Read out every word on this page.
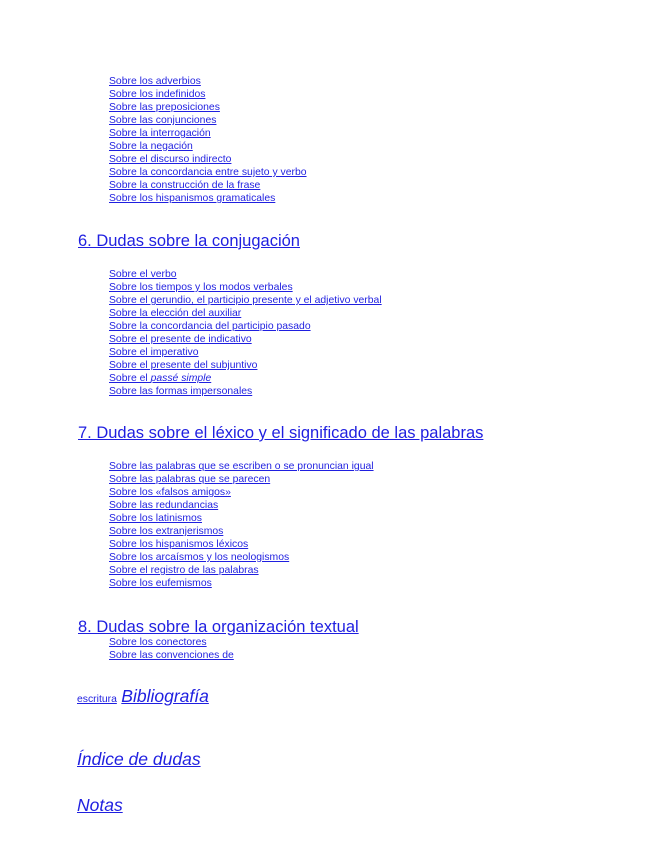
Sobre los adverbios
Sobre los indefinidos
Sobre las preposiciones
Sobre las conjunciones
Sobre la interrogación
Sobre la negación
Sobre el discurso indirecto
Sobre la concordancia entre sujeto y verbo
Sobre la construcción de la frase
Sobre los hispanismos gramaticales
6. Dudas sobre la conjugación
Sobre el verbo
Sobre los tiempos y los modos verbales
Sobre el gerundio, el participio presente y el adjetivo verbal
Sobre la elección del auxiliar
Sobre la concordancia del participio pasado
Sobre el presente de indicativo
Sobre el imperativo
Sobre el presente del subjuntivo
Sobre el passé simple
Sobre las formas impersonales
7. Dudas sobre el léxico y el significado de las palabras
Sobre las palabras que se escriben o se pronuncian igual
Sobre las palabras que se parecen
Sobre los «falsos amigos»
Sobre las redundancias
Sobre los latinismos
Sobre los extranjerismos
Sobre los hispanismos léxicos
Sobre los arcaísmos y los neologismos
Sobre el registro de las palabras
Sobre los eufemismos
8. Dudas sobre la organización textual
Sobre los conectores
Sobre las convenciones de
escritura Bibliografía
Índice de dudas
Notas
